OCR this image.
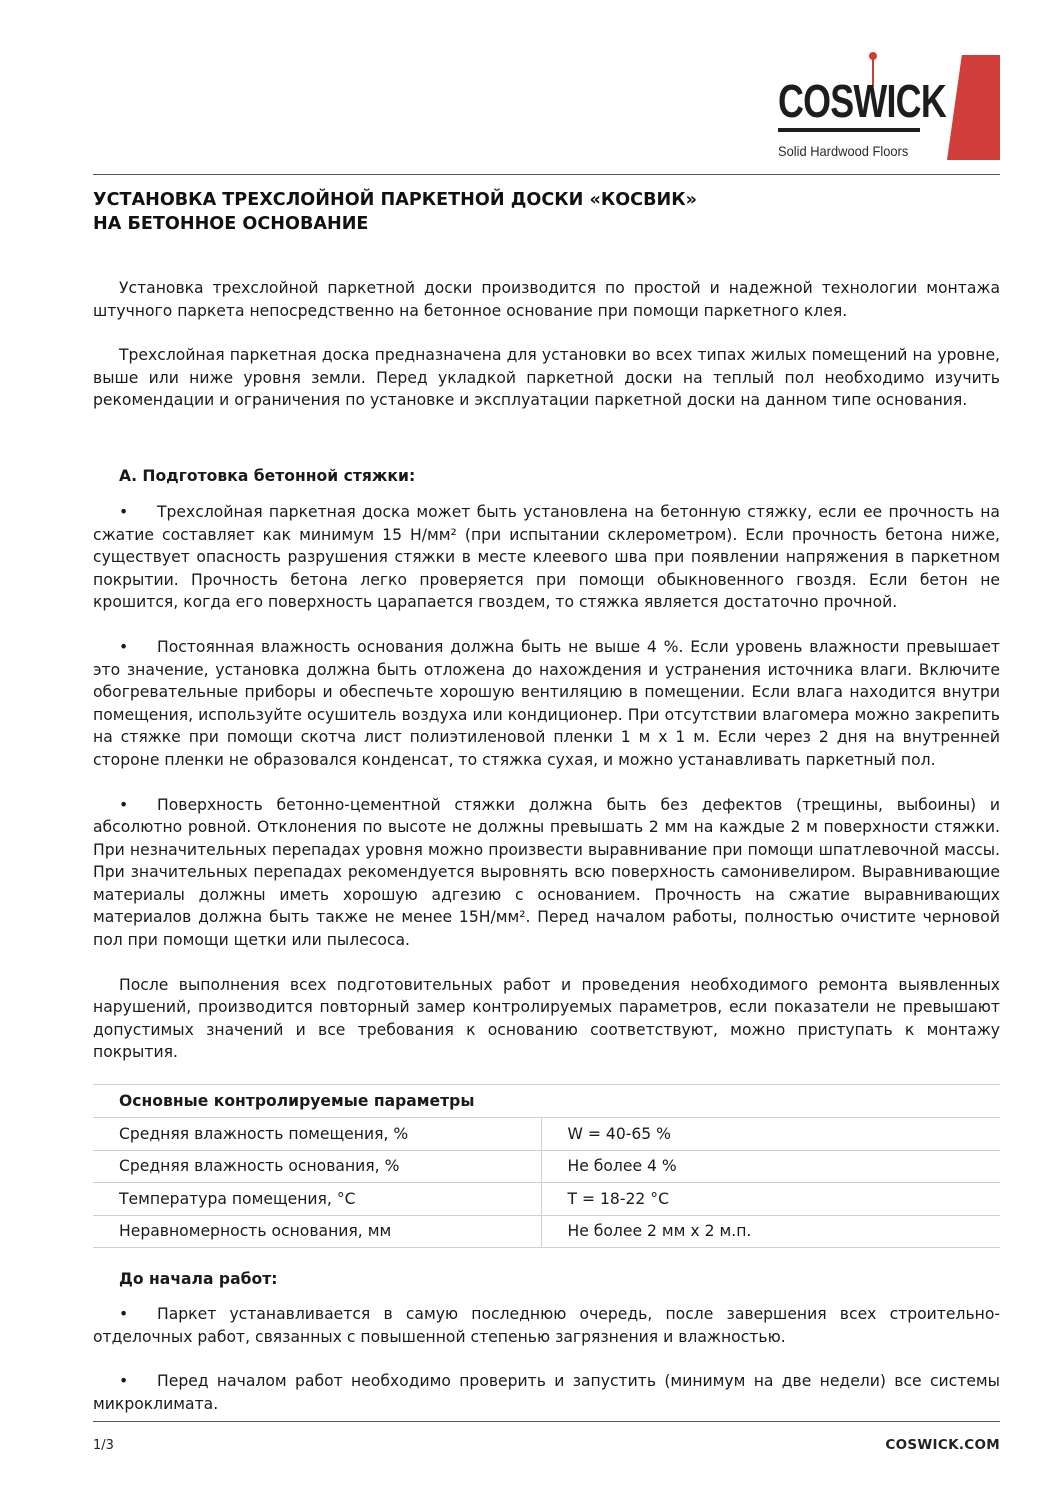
COSWICK
Solid Hardwood Floors
УСТАНОВКА ТРЕХСЛОЙНОЙ ПАРКЕТНОЙ ДОСКИ «КОСВИК»
НА БЕТОННОЕ ОСНОВАНИЕ

Установка трехслойной паркетной доски производится по простой и надежной технологии монтажа штучного паркета непосредственно на бетонное основание при помощи паркетного клея.

Трехслойная паркетная доска предназначена для установки во всех типах жилых помещений на уровне, выше или ниже уровня земли. Перед укладкой паркетной доски на теплый пол необходимо изучить рекомендации и ограничения по установке и эксплуатации паркетной доски на данном типе основания.

А. Подготовка бетонной стяжки:

• Трехслойная паркетная доска может быть установлена на бетонную стяжку, если ее прочность на сжатие составляет как минимум 15 Н/мм² (при испытании склерометром). Если прочность бетона ниже, существует опасность разрушения стяжки в месте клеевого шва при появлении напряжения в паркетном покрытии. Прочность бетона легко проверяется при помощи обыкновенного гвоздя. Если бетон не крошится, когда его поверхность царапается гвоздем, то стяжка является достаточно прочной.

• Постоянная влажность основания должна быть не выше 4 %. Если уровень влажности превышает это значение, установка должна быть отложена до нахождения и устранения источника влаги. Включите обогревательные приборы и обеспечьте хорошую вентиляцию в помещении. Если влага находится внутри помещения, используйте осушитель воздуха или кондиционер. При отсутствии влагомера можно закрепить на стяжке при помощи скотча лист полиэтиленовой пленки 1 м х 1 м. Если через 2 дня на внутренней стороне пленки не образовался конденсат, то стяжка сухая, и можно устанавливать паркетный пол.

• Поверхность бетонно-цементной стяжки должна быть без дефектов (трещины, выбоины) и абсолютно ровной. Отклонения по высоте не должны превышать 2 мм на каждые 2 м поверхности стяжки. При незначительных перепадах уровня можно произвести выравнивание при помощи шпатлевочной массы. При значительных перепадах рекомендуется выровнять всю поверхность самонивелиром. Выравнивающие материалы должны иметь хорошую адгезию с основанием. Прочность на сжатие выравнивающих материалов должна быть также не менее 15Н/мм². Перед началом работы, полностью очистите черновой пол при помощи щетки или пылесоса.

После выполнения всех подготовительных работ и проведения необходимого ремонта выявленных нарушений, производится повторный замер контролируемых параметров, если показатели не превышают допустимых значений и все требования к основанию соответствуют, можно приступать к монтажу покрытия.

Основные контролируемые параметры	
Средняя влажность помещения, %	W = 40-65 %
Средняя влажность основания, %	Не более 4 %
Температура помещения, °С	Т = 18-22 °С
Неравномерность основания, мм	Не более 2 мм х 2 м.п.
До начала работ:

• Паркет устанавливается в самую последнюю очередь, после завершения всех строительно-отделочных работ, связанных с повышенной степенью загрязнения и влажностью.

• Перед началом работ необходимо проверить и запустить (минимум на две недели) все системы микроклимата.

1/3	COSWICK.COM
